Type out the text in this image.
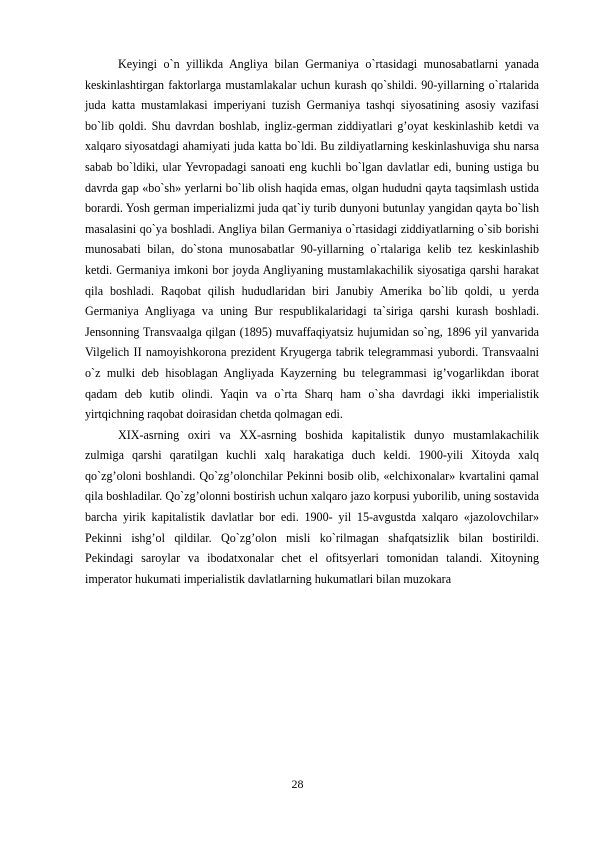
Keyingi o`n yillikda Angliya bilan Germaniya o`rtasidagi munosabatlarni yanada keskinlashtirgan faktorlarga mustamlakalar uchun kurash qo`shildi. 90-yillarning o`rtalarida juda katta mustamlakasi imperiyani tuzish Germaniya tashqi siyosatining asosiy vazifasi bo`lib qoldi. Shu davrdan boshlab, ingliz-german ziddiyatlari g’oyat keskinlashib ketdi va xalqaro siyosatdagi ahamiyati juda katta bo`ldi. Bu zildiyatlarning keskinlashuviga shu narsa sabab bo`ldiki, ular Yevropadagi sanoati eng kuchli bo`lgan davlatlar edi, buning ustiga bu davrda gap «bo`sh» yerlarni bo`lib olish haqida emas, olgan hududni qayta taqsimlash ustida borardi. Yosh german imperializmi juda qat`iy turib dunyoni butunlay yangidan qayta bo`lish masalasini qo`ya boshladi. Angliya bilan Germaniya o`rtasidagi ziddiyatlarning o`sib borishi munosabati bilan, do`stona munosabatlar 90-yillarning o`rtalariga kelib tez keskinlashib ketdi. Germaniya imkoni bor joyda Angliyaning mustamlakachilik siyosatiga qarshi harakat qila boshladi. Raqobat qilish hududlaridan biri Janubiy Amerika bo`lib qoldi, u yerda Germaniya Angliyaga va uning Bur respublikalaridagi ta`siriga qarshi kurash boshladi. Jensonning Transvaalga qilgan (1895) muvaffaqiyatsiz hujumidan so`ng, 1896 yil yanvarida Vilgelich II namoyishkorona prezident Kryugerga tabrik telegrammasi yubordi. Transvaalni o`z mulki deb hisoblagan Angliyada Kayzerning bu telegrammasi ig’vogarlikdan iborat qadam deb kutib olindi. Yaqin va o`rta Sharq ham o`sha davrdagi ikki imperialistik yirtqichning raqobat doirasidan chetda qolmagan edi.

XIX-asrning oxiri va XX-asrning boshida kapitalistik dunyo mustamlakachilik zulmiga qarshi qaratilgan kuchli xalq harakatiga duch keldi. 1900-yili Xitoyda xalq qo`zg’oloni boshlandi. Qo`zg’olonchilar Pekinni bosib olib, «elchixonalar» kvartalini qamal qila boshladilar. Qo`zg’olonni bostirish uchun xalqaro jazo korpusi yuborilib, uning sostavida barcha yirik kapitalistik davlatlar bor edi. 1900- yil 15-avgustda xalqaro «jazolovchilar» Pekinni ishg’ol qildilar. Qo`zg’olon misli ko`rilmagan shafqatsizlik bilan bostirildi. Pekindagi saroylar va ibodatxonalar chet el ofitsyerlari tomonidan talandi. Xitoyning imperator hukumati imperialistik davlatlarning hukumatlari bilan muzokara

28
